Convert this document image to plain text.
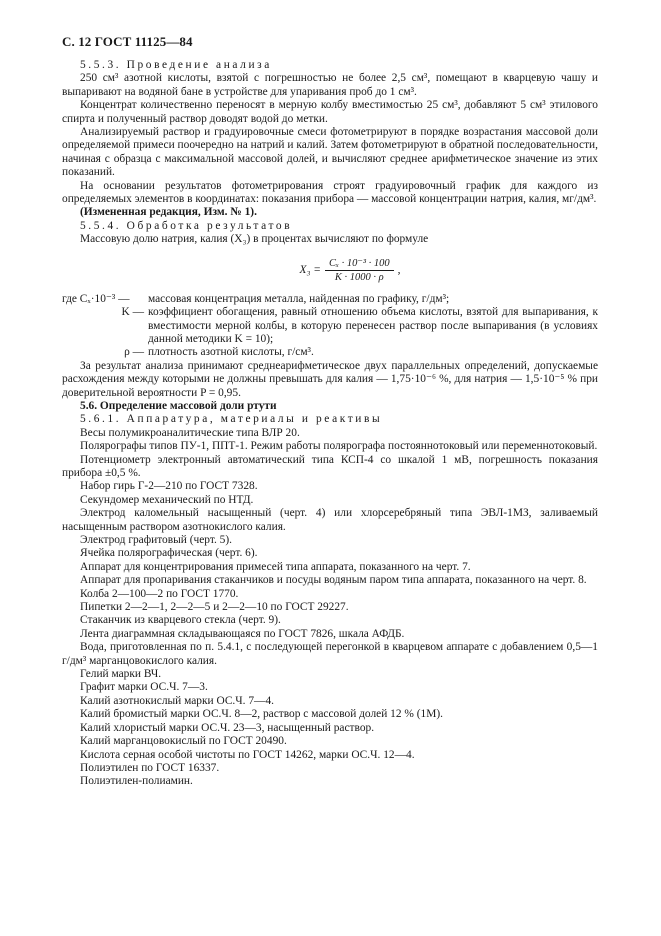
С. 12 ГОСТ 11125—84

5.5.3. Проведение анализа

250 см³ азотной кислоты, взятой с погрешностью не более 2,5 см³, помещают в кварцевую чашу и выпаривают на водяной бане в устройстве для упаривания проб до 1 см³.

Концентрат количественно переносят в мерную колбу вместимостью 25 см³, добавляют 5 см³ этилового спирта и полученный раствор доводят водой до метки.

Анализируемый раствор и градуировочные смеси фотометрируют в порядке возрастания массовой доли определяемой примеси поочередно на натрий и калий. Затем фотометрируют в обратной последовательности, начиная с образца с максимальной массовой долей, и вычисляют среднее арифметическое значение из этих показаний.

На основании результатов фотометрирования строят градуировочный график для каждого из определяемых элементов в координатах: показания прибора — массовой концентрации натрия, калия, мг/дм³.

(Измененная редакция, Изм. № 1).

5.5.4. Обработка результатов

Массовую долю натрия, калия (X₃) в процентах вычисляют по формуле

$X_3 = \frac{\text{Cₓ · 10⁻³ · 100}}{K \cdot 1000 \cdot \rho}$ ,
где Cₓ·10⁻³ —	массовая концентрация металла, найденная по графику, г/дм³;
K — коэффициент обогащения, равный отношению объема кислоты, взятой для выпаривания, к вместимости мерной колбы, в которую перенесен раствор после выпаривания (в условиях данной методики K = 10);
ρ — плотность азотной кислоты, г/см³.

За результат анализа принимают среднеарифметическое двух параллельных определений, допускаемые расхождения между которыми не должны превышать для калия — 1,75·10⁻⁶ %, для натрия — 1,5·10⁻⁵ % при доверительной вероятности P = 0,95.

5.6. Определение массовой доли ртути

5.6.1. Аппаратура, материалы и реактивы

Весы полумикроаналитические типа ВЛР 20.

Полярографы типов ПУ-1, ППТ-1. Режим работы полярографа постояннотоковый или переменнотоковый.

Потенциометр электронный автоматический типа КСП-4 со шкалой 1 мВ, погрешность показания прибора ±0,5 %.

Набор гирь Г-2—210 по ГОСТ 7328.

Секундомер механический по НТД.

Электрод каломельный насыщенный (черт. 4) или хлорсеребряный типа ЭВЛ-1МЗ, заливаемый насыщенным раствором азотнокислого калия.

Электрод графитовый (черт. 5).

Ячейка полярографическая (черт. 6).

Аппарат для концентрирования примесей типа аппарата, показанного на черт. 7.

Аппарат для пропаривания стаканчиков и посуды водяным паром типа аппарата, показанного на черт. 8.

Колба 2—100—2 по ГОСТ 1770.

Пипетки 2—2—1, 2—2—5 и 2—2—10 по ГОСТ 29227.

Стаканчик из кварцевого стекла (черт. 9).

Лента диаграммная складывающаяся по ГОСТ 7826, шкала АФДБ.

Вода, приготовленная по п. 5.4.1, с последующей перегонкой в кварцевом аппарате с добавлением 0,5—1 г/дм³ марганцовокислого калия.

Гелий марки ВЧ.

Графит марки ОС.Ч. 7—3.

Калий азотнокислый марки ОС.Ч. 7—4.

Калий бромистый марки ОС.Ч. 8—2, раствор с массовой долей 12 % (1М).

Калий хлористый марки ОС.Ч. 23—3, насыщенный раствор.

Калий марганцовокислый по ГОСТ 20490.

Кислота серная особой чистоты по ГОСТ 14262, марки ОС.Ч. 12—4.

Полиэтилен по ГОСТ 16337.

Полиэтилен-полиамин.
